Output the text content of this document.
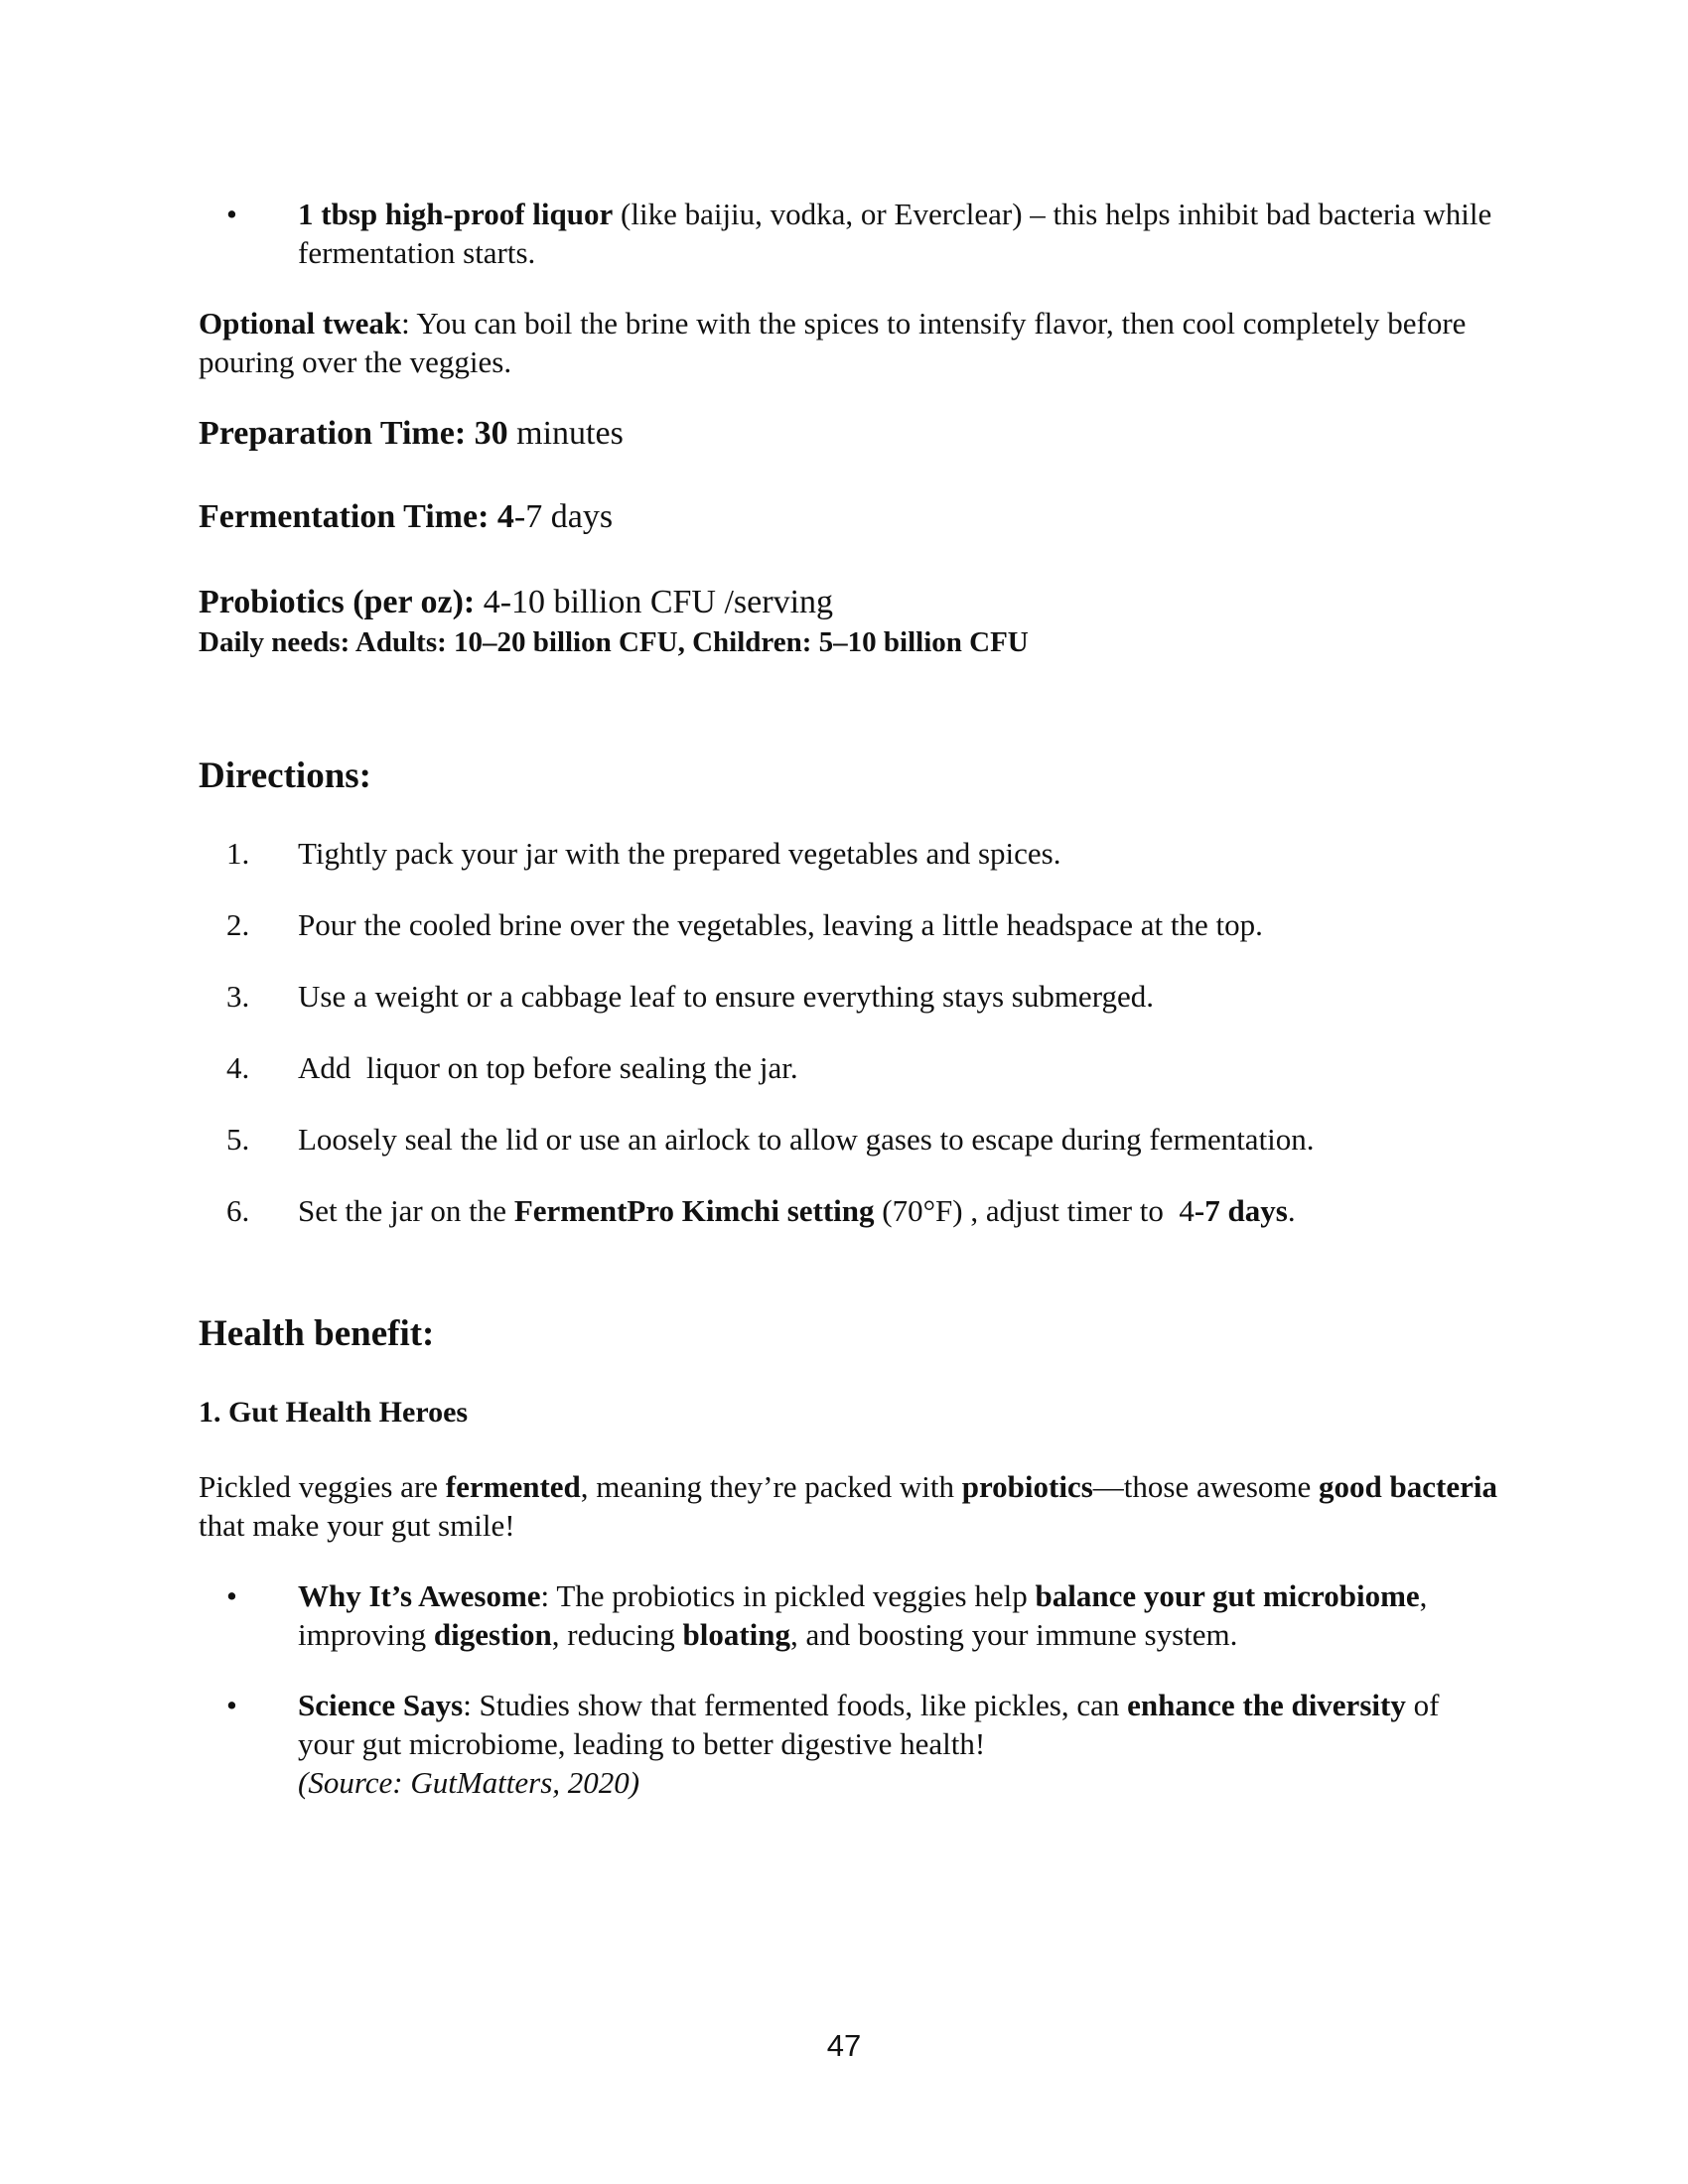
• 1 tbsp high-proof liquor (like baijiu, vodka, or Everclear) – this helps inhibit bad bacteria while fermentation starts.

Optional tweak: You can boil the brine with the spices to intensify flavor, then cool completely before pouring over the veggies.

Preparation Time: 30 minutes

Fermentation Time: 4-7 days

Probiotics (per oz): 4-10 billion CFU /serving

Daily needs: Adults: 10–20 billion CFU, Children: 5–10 billion CFU

Directions:
1. Tightly pack your jar with the prepared vegetables and spices.
2. Pour the cooled brine over the vegetables, leaving a little headspace at the top.
3. Use a weight or a cabbage leaf to ensure everything stays submerged.
4. Add  liquor on top before sealing the jar.
5. Loosely seal the lid or use an airlock to allow gases to escape during fermentation.
6. Set the jar on the FermentPro Kimchi setting (70°F) , adjust timer to  4-7 days.
Health benefit:
1. Gut Health Heroes

Pickled veggies are fermented, meaning they’re packed with probiotics—those awesome good bacteria that make your gut smile!

• Why It’s Awesome: The probiotics in pickled veggies help balance your gut microbiome, improving digestion, reducing bloating, and boosting your immune system.
• Science Says: Studies show that fermented foods, like pickles, can enhance the diversity of your gut microbiome, leading to better digestive health!
(Source: GutMatters, 2020)
47
